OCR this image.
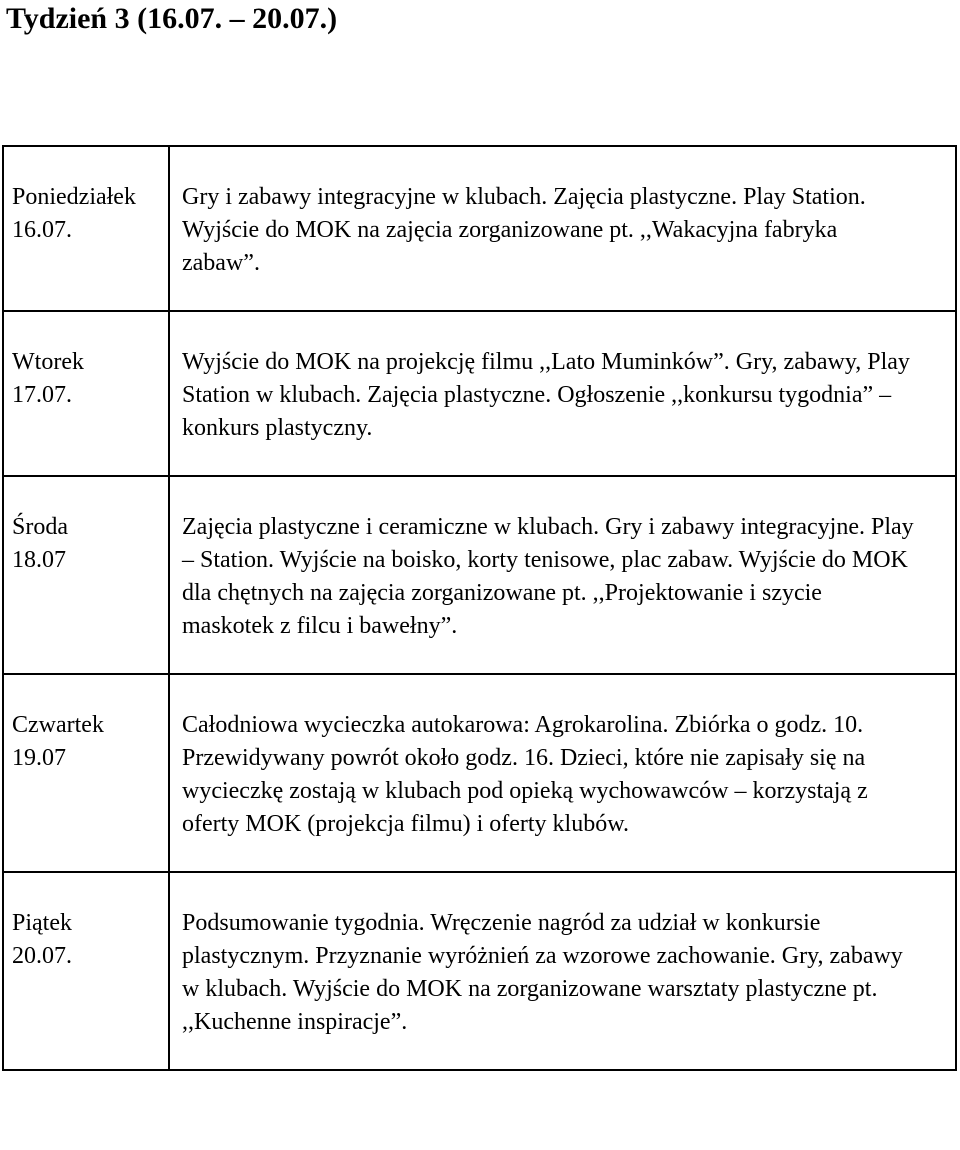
Tydzień 3 (16.07. – 20.07.)
Poniedziałek
16.07.	Gry i zabawy integracyjne w klubach. Zajęcia plastyczne. Play Station. Wyjście do MOK na zajęcia zorganizowane pt. ,,Wakacyjna fabryka zabaw”.

Wtorek
17.07.	Wyjście do MOK na projekcję filmu ,,Lato Muminków”. Gry, zabawy, Play Station w klubach. Zajęcia plastyczne. Ogłoszenie ,,konkursu tygodnia” – konkurs plastyczny.

Środa
18.07	Zajęcia plastyczne i ceramiczne w klubach. Gry i zabawy integracyjne. Play – Station. Wyjście na boisko, korty tenisowe, plac zabaw. Wyjście do MOK dla chętnych na zajęcia zorganizowane pt. ,,Projektowanie i szycie maskotek z filcu i bawełny”.

Czwartek
19.07	Całodniowa wycieczka autokarowa: Agrokarolina. Zbiórka o godz. 10. Przewidywany powrót około godz. 16. Dzieci, które nie zapisały się na wycieczkę zostają w klubach pod opieką wychowawców – korzystają z oferty MOK (projekcja filmu) i oferty klubów.

Piątek
20.07.	Podsumowanie tygodnia. Wręczenie nagród za udział w konkursie plastycznym. Przyznanie wyróżnień za wzorowe zachowanie. Gry, zabawy w klubach. Wyjście do MOK na zorganizowane warsztaty plastyczne pt. ,,Kuchenne inspiracje”.
